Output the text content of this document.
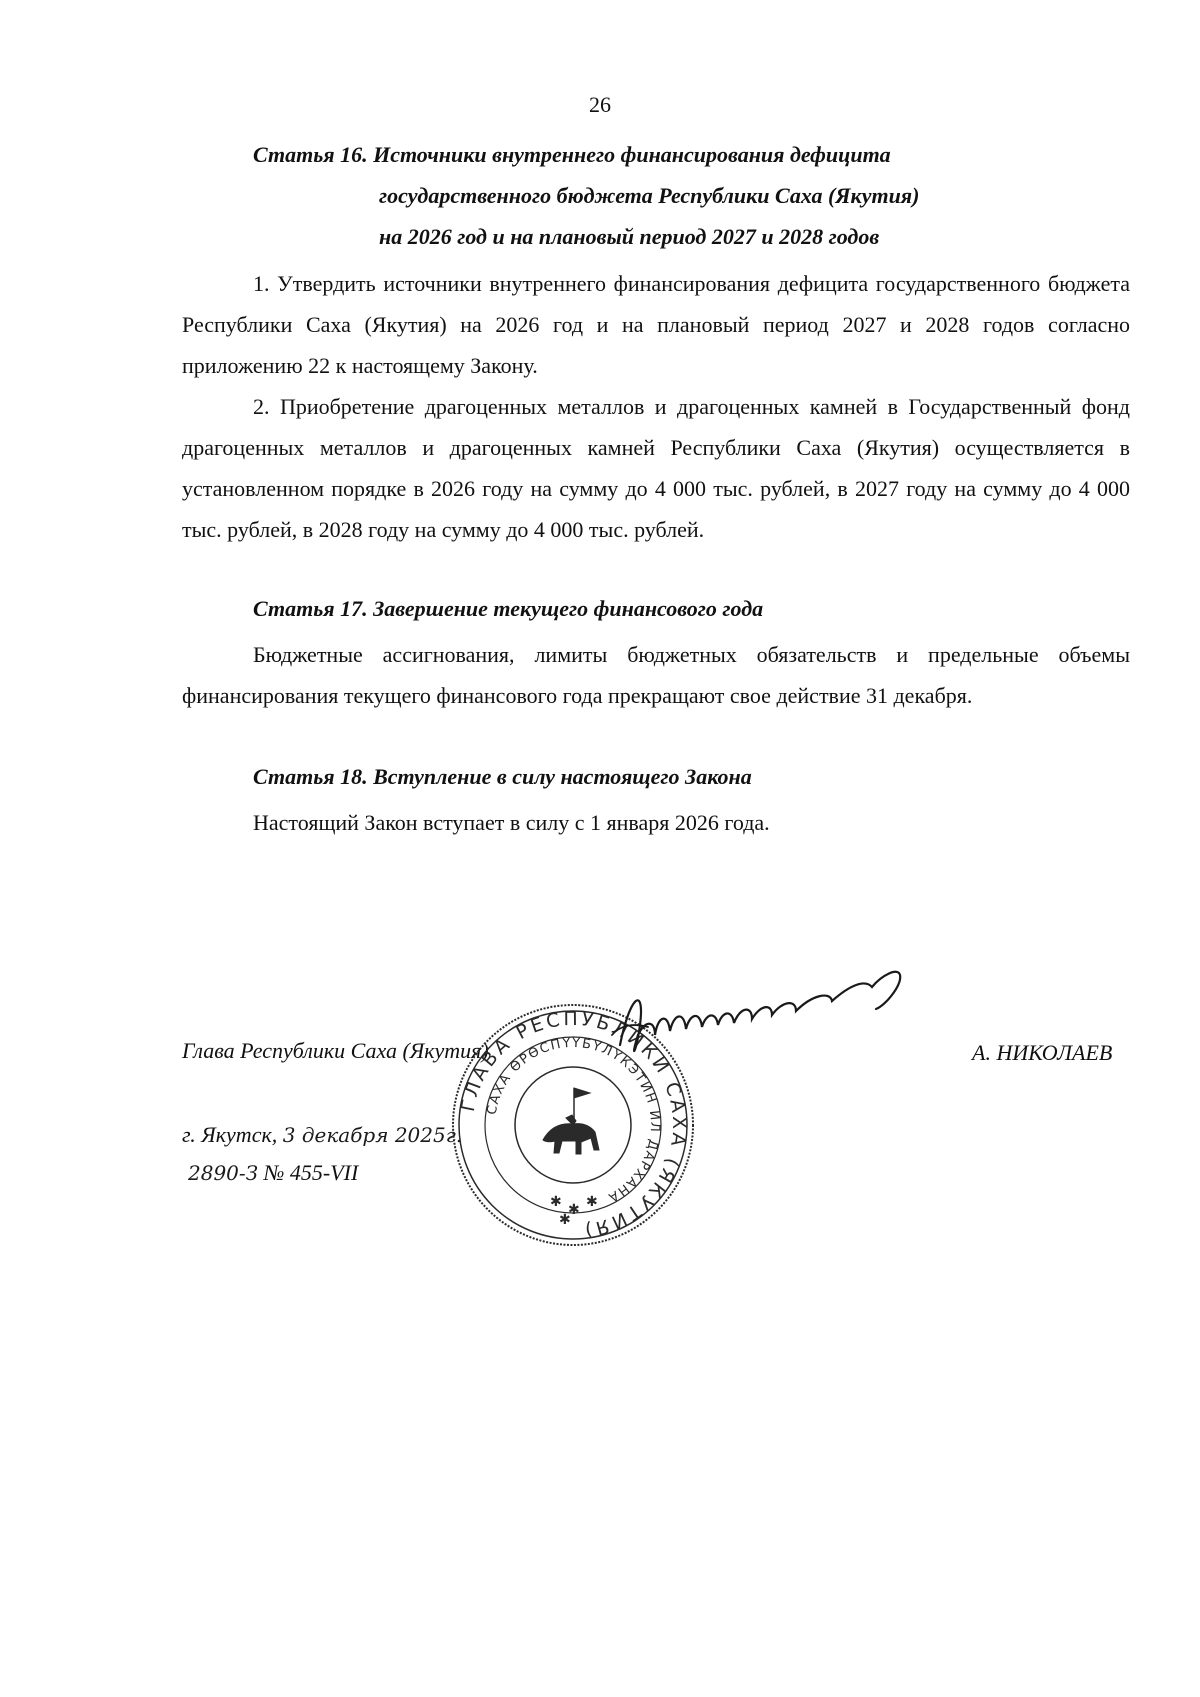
26
Статья 16. Источники внутреннего финансирования дефицита
государственного бюджета Республики Саха (Якутия)
на 2026 год и на плановый период 2027 и 2028 годов

1. Утвердить источники внутреннего финансирования дефицита государственного бюджета Республики Саха (Якутия) на 2026 год и на плановый период 2027 и 2028 годов согласно приложению 22 к настоящему Закону.

2. Приобретение драгоценных металлов и драгоценных камней в Государственный фонд драгоценных металлов и драгоценных камней Республики Саха (Якутия) осуществляется в установленном порядке в 2026 году на сумму до 4 000 тыс. рублей, в 2027 году на сумму до 4 000 тыс. рублей, в 2028 году на сумму до 4 000 тыс. рублей.

Статья 17. Завершение текущего финансового года

Бюджетные ассигнования, лимиты бюджетных обязательств и предельные объемы финансирования текущего финансового года прекращают свое действие 31 декабря.

Статья 18. Вступление в силу настоящего Закона

Настоящий Закон вступает в силу с 1 января 2026 года.

Глава Республики Саха (Якутия)	А. НИКОЛАЕВ
г. Якутск, 3 декабря 2025г.
2890-З № 455-VII
ГЛАВА РЕСПУБЛИКИ САХА (ЯКУТИЯ)
САХА ӨРӨСПҮҮБҮЛҮКЭТИН ИЛ ДАРХАНА
✱ ✱ ✱
✱
